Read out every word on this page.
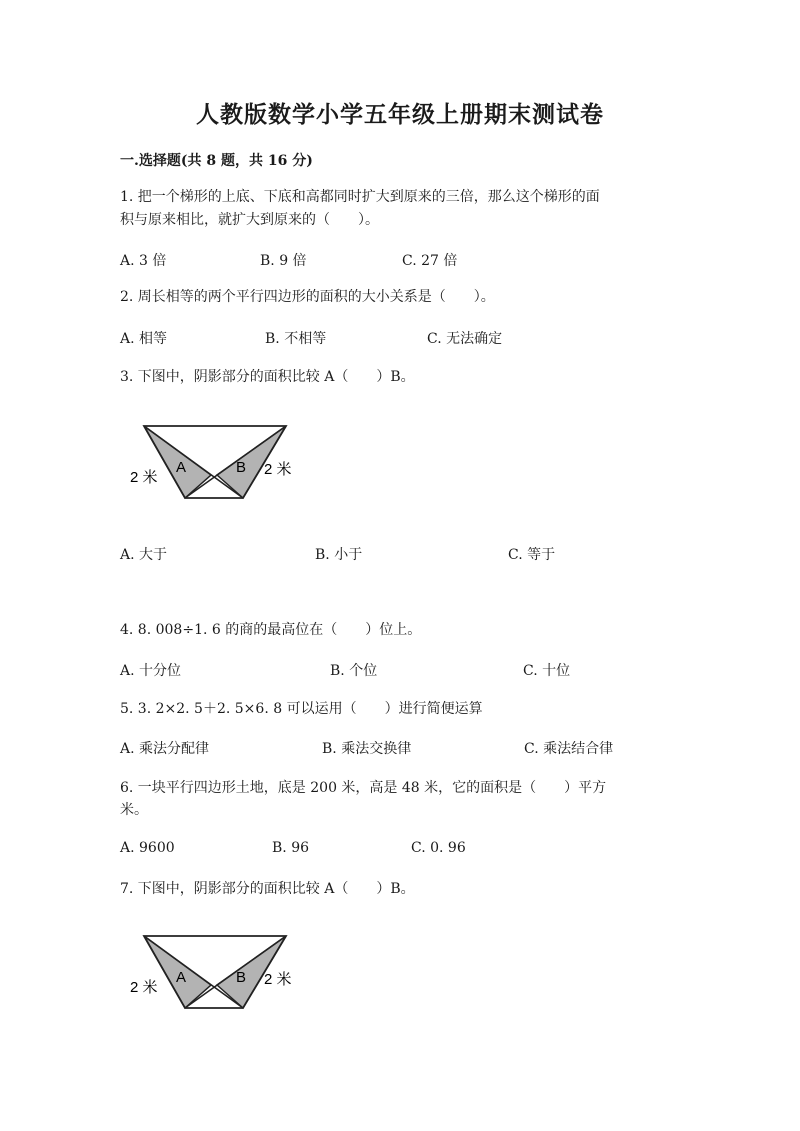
人教版数学小学五年级上册期末测试卷
一.选择题(共 8 题，共 16 分)
1. 把一个梯形的上底、下底和高都同时扩大到原来的三倍，那么这个梯形的面
积与原来相比，就扩大到原来的（　　）。
A. 3 倍	B. 9 倍	C. 27 倍
2. 周长相等的两个平行四边形的面积的大小关系是（　　）。
A. 相等	B. 不相等	C. 无法确定
3. 下图中，阴影部分的面积比较 A（　　）B。
A	B
2 米	2 米
A. 大于	B. 小于	C. 等于
4. 8. 008÷1. 6 的商的最高位在（　　）位上。
A. 十分位	B. 个位	C. 十位
5. 3. 2×2. 5＋2. 5×6. 8 可以运用（　　）进行简便运算
A. 乘法分配律	B. 乘法交换律	C. 乘法结合律
6. 一块平行四边形土地，底是 200 米，高是 48 米，它的面积是（　　）平方
米。
A. 9600	B. 96	C. 0. 96
7. 下图中，阴影部分的面积比较 A（　　）B。
A	B
2 米	2 米
